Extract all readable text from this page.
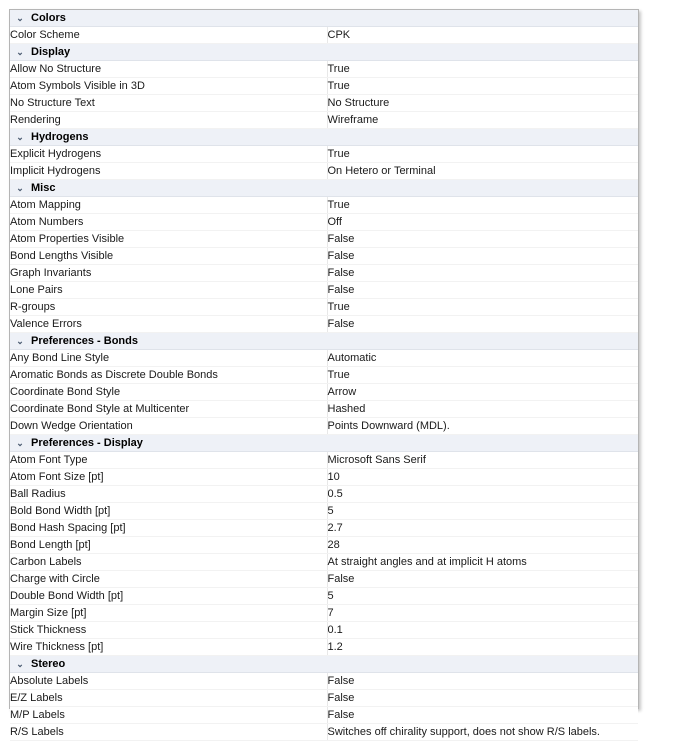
⌄ Colors	

Color Scheme	CPK

⌄ Display	

Allow No Structure	True
Atom Symbols Visible in 3D	True
No Structure Text	No Structure
Rendering	Wireframe

⌄ Hydrogens	

Explicit Hydrogens	True
Implicit Hydrogens	On Hetero or Terminal

⌄ Misc	

Atom Mapping	True
Atom Numbers	Off
Atom Properties Visible	False
Bond Lengths Visible	False
Graph Invariants	False
Lone Pairs	False
R-groups	True
Valence Errors	False

⌄ Preferences - Bonds	

Any Bond Line Style	Automatic
Aromatic Bonds as Discrete Double Bonds	True
Coordinate Bond Style	Arrow
Coordinate Bond Style at Multicenter	Hashed
Down Wedge Orientation	Points Downward (MDL).

⌄ Preferences - Display	

Atom Font Type	Microsoft Sans Serif
Atom Font Size [pt]	10
Ball Radius	0.5
Bold Bond Width [pt]	5
Bond Hash Spacing [pt]	2.7
Bond Length [pt]	28
Carbon Labels	At straight angles and at implicit H atoms
Charge with Circle	False
Double Bond Width [pt]	5
Margin Size [pt]	7
Stick Thickness	0.1
Wire Thickness [pt]	1.2

⌄ Stereo	

Absolute Labels	False
E/Z Labels	False
M/P Labels	False
R/S Labels	Switches off chirality support, does not show R/S labels.
